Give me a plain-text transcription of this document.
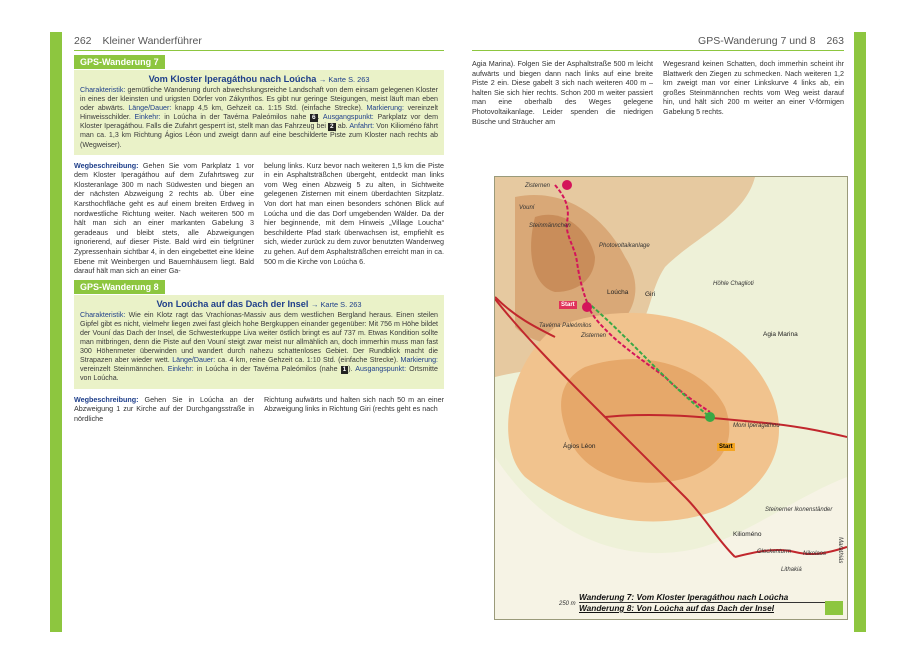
262 Kleiner Wanderführer
GPS-Wanderung 7
Vom Kloster Iperagáthou nach Loúcha → Karte S. 263
Charakteristik: gemütliche Wanderung durch abwechslungsreiche Landschaft von dem einsam gelegenen Kloster in eines der kleinsten und urigsten Dörfer von Zákynthos. Es gibt nur geringe Steigungen, meist läuft man eben oder abwärts. Länge/Dauer: knapp 4,5 km, Gehzeit ca. 1:15 Std. (einfache Strecke). Markierung: vereinzelt Hinweisschilder. Einkehr: in Loúcha in der Tavérna Paleómilos nahe 6 . Ausgangspunkt: Parkplatz vor dem Kloster Iperagáthou. Falls die Zufahrt gesperrt ist, stellt man das Fahrzeug bei 2 ab. Anfahrt: Von Kilioméno fährt man ca. 1,3 km Richtung Ágios Léon und zweigt dann auf eine beschilderte Piste zum Kloster nach rechts ab (Wegweiser).
Wegbeschreibung: Gehen Sie vom Parkplatz 1 vor dem Kloster Iperagáthou auf dem Zufahrtsweg zur Klosteranlage 300 m nach Südwesten und biegen an der nächsten Abzweigung 2 rechts ab. Über eine Karsthochfläche geht es auf einem breiten Erdweg in nordwestliche Richtung weiter. Nach weiteren 500 m hält man sich an einer markanten Gabelung 3 geradeaus und bleibt stets, alle Abzweigungen ignorierend, auf dieser Piste. Bald wird ein tiefgrüner Zypressenhain sichtbar 4, in den eingebettet eine kleine Ebene mit Weinbergen und Bauernhäusern liegt. Bald darauf hält man sich an einer Ga-
belung links. Kurz bevor nach weiteren 1,5 km die Piste in ein Asphaltsträßchen übergeht, entdeckt man links vom Weg einen Abzweig 5 zu alten, in Sichtweite gelegenen Zisternen mit einem überdachten Sitzplatz. Von dort hat man einen besonders schönen Blick auf Loúcha und die das Dorf umgebenden Wälder. Da der hier beginnende, mit dem Hinweis „Village Loucha“ beschilderte Pfad stark überwachsen ist, empfiehlt es sich, wieder zurück zu dem zuvor benutzten Wanderweg zu gehen. Auf dem Asphaltsträßchen erreicht man in ca. 500 m die Kirche von Loúcha 6.
GPS-Wanderung 8
Von Loúcha auf das Dach der Insel → Karte S. 263
Charakteristik: Wie ein Klotz ragt das Vrachíonas-Massiv aus dem westlichen Bergland heraus. Einen steilen Gipfel gibt es nicht, vielmehr liegen zwei fast gleich hohe Bergkuppen einander gegenüber: Mit 756 m Höhe bildet der Vouní das Dach der Insel, die Schwesterkuppe Liva weiter östlich bringt es auf 737 m. Etwas Kondition sollte man mitbringen, denn die Piste auf den Vouní steigt zwar meist nur allmählich an, doch immerhin muss man fast 300 Höhenmeter überwinden und wandert durch nahezu schattenloses Gebiet. Der Rundblick macht die Strapazen aber wieder wett. Länge/Dauer: ca. 4 km, reine Gehzeit ca. 1:10 Std. (einfache Strecke). Markierung: vereinzelt Steinmännchen. Einkehr: in Loúcha in der Tavérna Paleómilos (nahe 1 ). Ausgangspunkt: Ortsmitte von Loúcha.
Wegbeschreibung: Gehen Sie in Loúcha an der Abzweigung 1 zur Kirche auf der Durchgangsstraße in nördliche
Richtung aufwärts und halten sich nach 50 m an einer Abzweigung links in Richtung Giri (rechts geht es nach
GPS-Wanderung 7 und 8 263
Agia Marina). Folgen Sie der Asphaltstraße 500 m leicht aufwärts und biegen dann nach links auf eine breite Piste 2 ein. Diese gabelt 3 sich nach weiteren 400 m – halten Sie sich hier rechts. Schon 200 m weiter passiert man eine oberhalb des Weges gelegene Photovoltaikanlage. Leider spenden die niedrigen Büsche und Sträucher am
Wegesrand keinen Schatten, doch immerhin scheint ihr Blattwerk den Ziegen zu schmecken. Nach weiteren 1,2 km zweigt man vor einer Linkskurve 4 links ab, ein großes Steinmännchen rechts vom Weg weist darauf hin, und hält sich 200 m weiter an einer V-förmigen Gabelung 5 rechts.
Zisternen
Vouní
Steinmännchen
Photovoltaikanlage
Loúcha	Giri
Höhle Chaglioti
Agia Marina
Tavérna Paleómilos
Zisternen
Moni Iperagáthou
Ágios Léon
Steinerner Ikonenständer
Kilioméno
Glockenturm Nikolaos
Lithakiá
Start
Start
250 m
Marathiás
Wanderung 7: Vom Kloster Iperagáthou nach Loúcha
Wanderung 8: Von Loúcha auf das Dach der Insel
